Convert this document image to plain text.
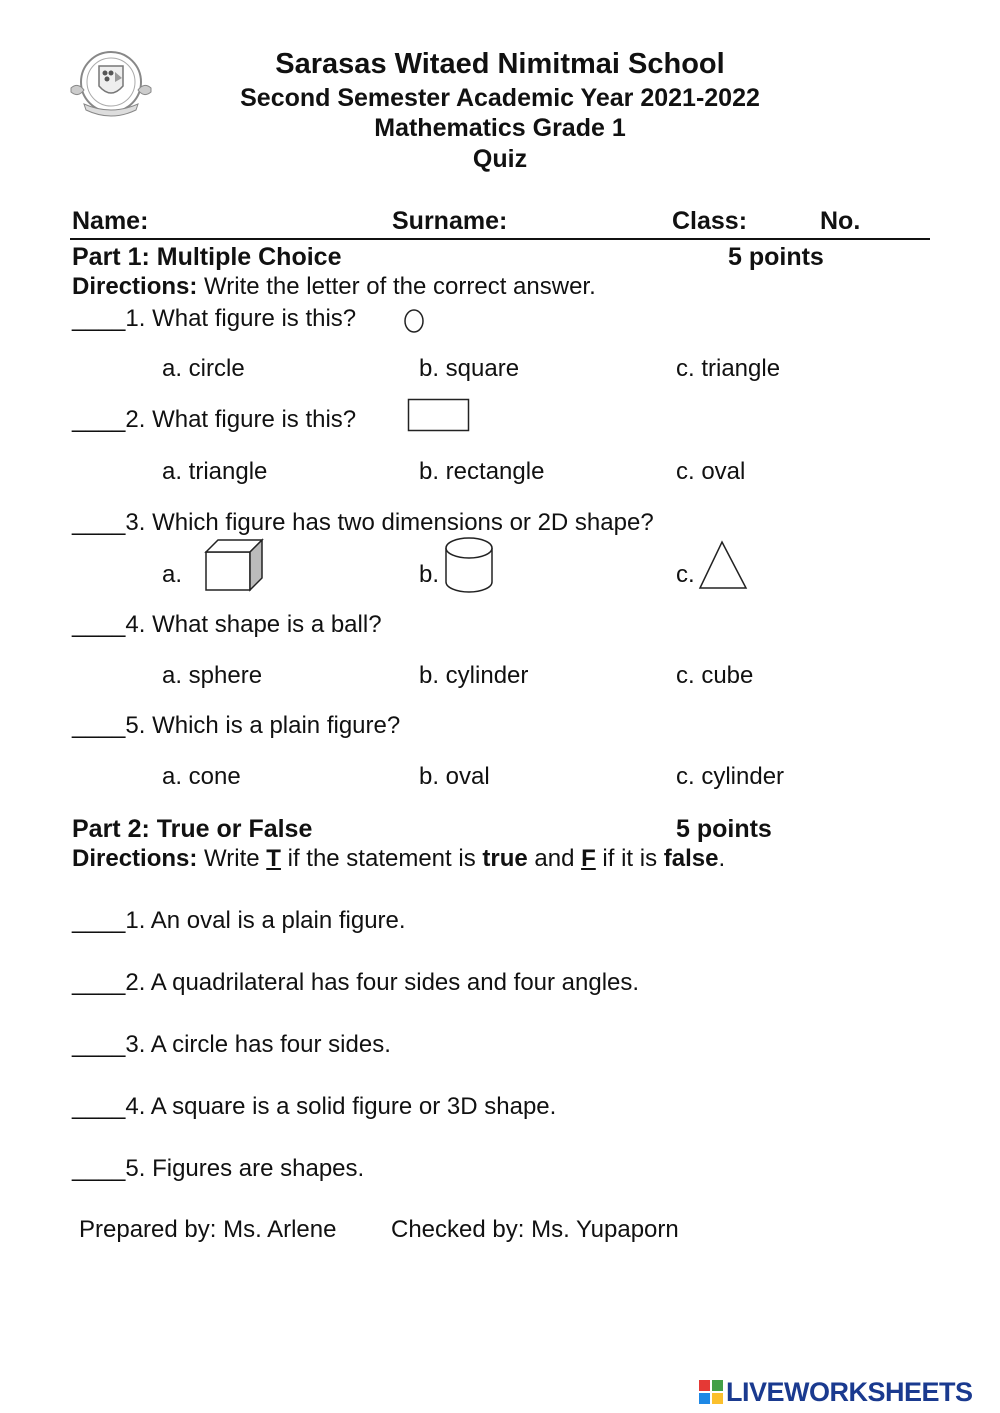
Sarasas Witaed Nimitmai School
Second Semester Academic Year 2021-2022
Mathematics Grade 1
Quiz
Name:	Surname:	Class:	No.
Part 1: Multiple Choice	5 points
Directions: Write the letter of the correct answer.
____1. What figure is this?
a. circle	b. square	c. triangle
____2. What figure is this?
a. triangle	b. rectangle	c. oval
____3. Which figure has two dimensions or 2D shape?
a.	b.	c.
____4. What shape is a ball?
a. sphere	b. cylinder	c. cube
____5. Which is a plain figure?
a. cone	b. oval	c. cylinder
Part 2: True or False	5 points
Directions: Write T if the statement is true and F if it is false.
____1. An oval is a plain figure.
____2. A quadrilateral has four sides and four angles.
____3. A circle has four sides.
____4. A square is a solid figure or 3D shape.
____5. Figures are shapes.
Prepared by: Ms. Arlene Checked by: Ms. Yupaporn
LIVEWORKSHEETS
